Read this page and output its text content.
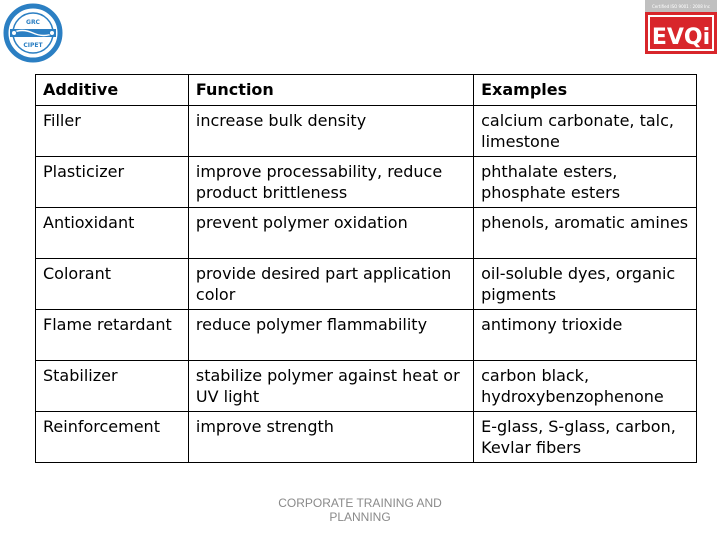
GRC
CIPET
Certified ISO 9001 : 2008 Inc
EVQi
Additive	Function	Examples
Filler	increase bulk density	calcium carbonate, talc, limestone
Plasticizer	improve processability, reduce product brittleness	phthalate esters, phosphate esters
Antioxidant	prevent polymer oxidation	phenols, aromatic amines
Colorant	provide desired part application color	oil-soluble dyes, organic pigments
Flame retardant	reduce polymer flammability	antimony trioxide
Stabilizer	stabilize polymer against heat or UV light	carbon black, hydroxybenzophenone
Reinforcement	improve strength	E-glass, S-glass, carbon, Kevlar fibers
CORPORATE TRAINING AND
PLANNING
